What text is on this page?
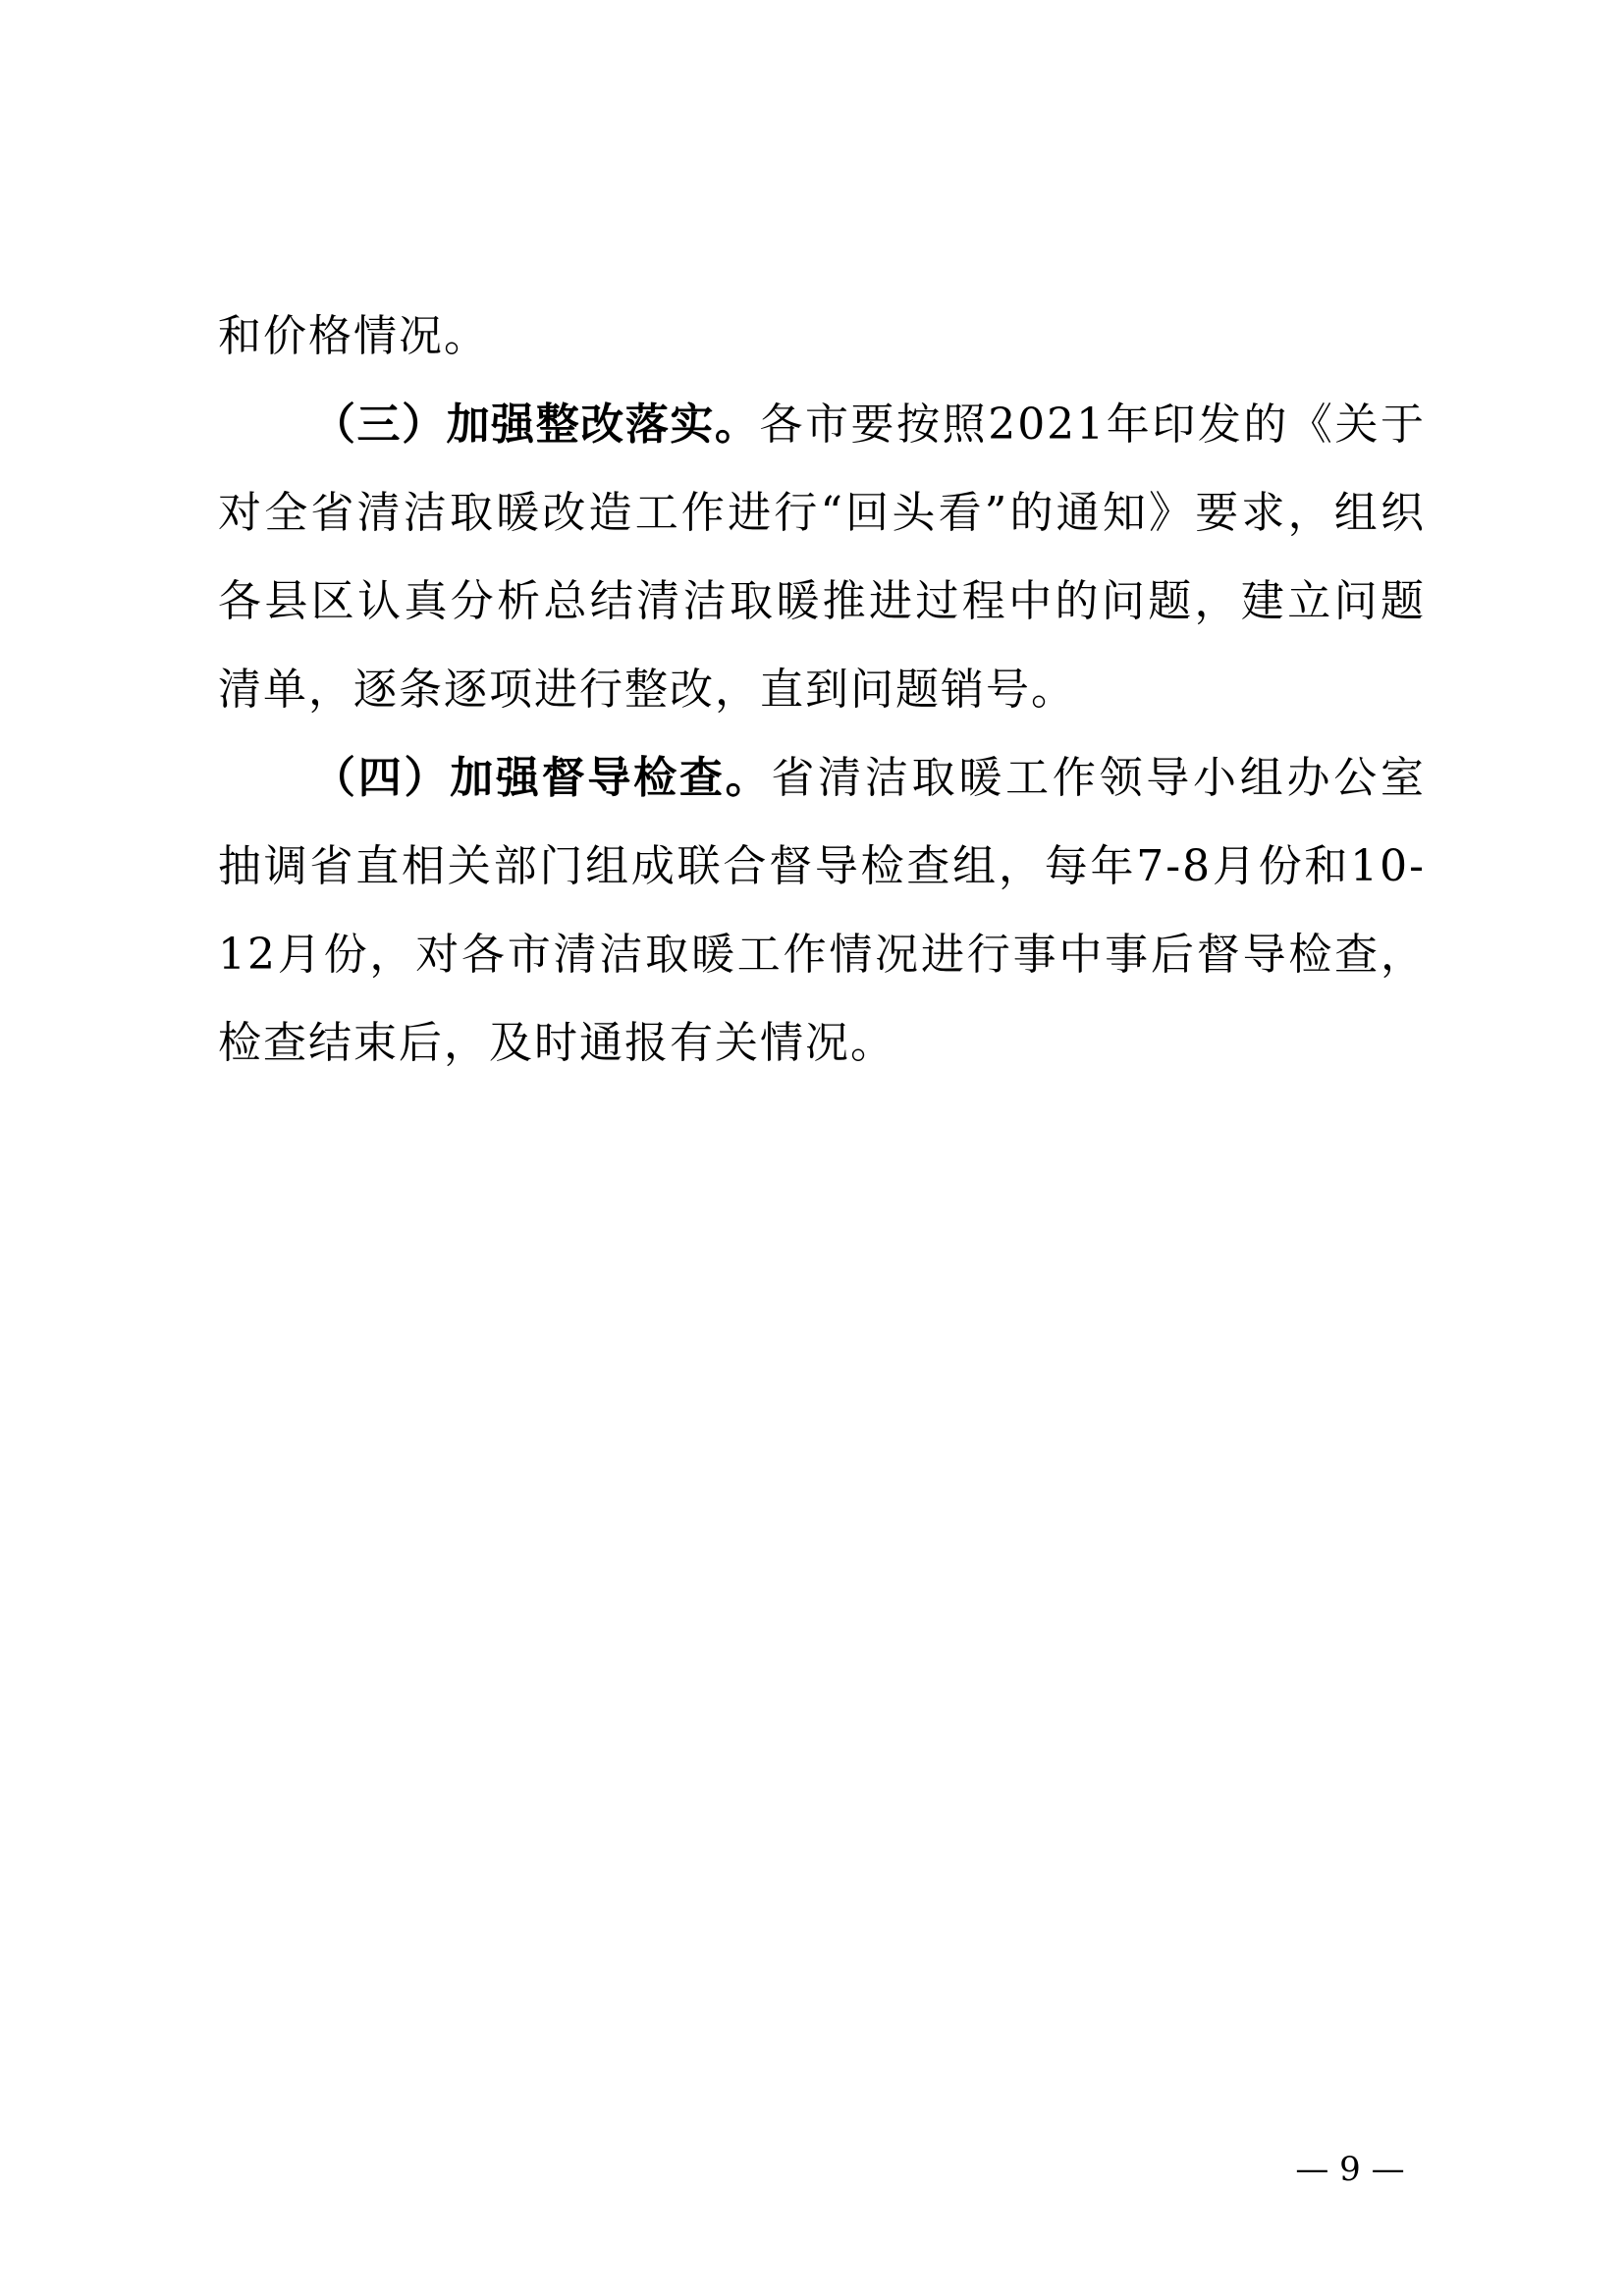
和价格情况。

（三）加强整改落实。各市要按照2021年印发的《关于对全省清洁取暖改造工作进行“回头看”的通知》要求，组织各县区认真分析总结清洁取暖推进过程中的问题，建立问题清单，逐条逐项进行整改，直到问题销号。

（四）加强督导检查。省清洁取暖工作领导小组办公室抽调省直相关部门组成联合督导检查组，每年7-8月份和10-12月份，对各市清洁取暖工作情况进行事中事后督导检查，检查结束后，及时通报有关情况。

— 9 —
